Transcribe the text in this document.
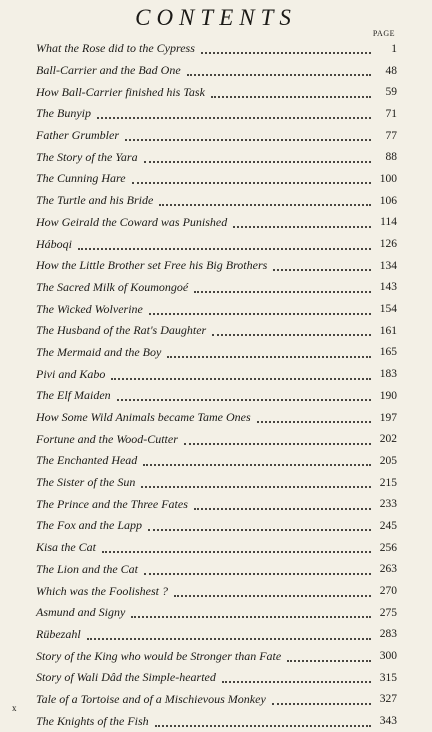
CONTENTS
PAGE
What the Rose did to the Cypress	1
Ball-Carrier and the Bad One	48
How Ball-Carrier finished his Task	59
The Bunyip	71
Father Grumbler	77
The Story of the Yara	88
The Cunning Hare	100
The Turtle and his Bride	106
How Geirald the Coward was Punished	114
Háboqi	126
How the Little Brother set Free his Big Brothers	134
The Sacred Milk of Koumongoé	143
The Wicked Wolverine	154
The Husband of the Rat's Daughter	161
The Mermaid and the Boy	165
Pivi and Kabo	183
The Elf Maiden	190
How Some Wild Animals became Tame Ones	197
Fortune and the Wood-Cutter	202
The Enchanted Head	205
The Sister of the Sun	215
The Prince and the Three Fates	233
The Fox and the Lapp	245
Kisa the Cat	256
The Lion and the Cat	263
Which was the Foolishest ?	270
Asmund and Signy	275
Rübezahl	283
Story of the King who would be Stronger than Fate	300
Story of Wali Dâd the Simple-hearted	315
Tale of a Tortoise and of a Mischievous Monkey	327
The Knights of the Fish	343
x
